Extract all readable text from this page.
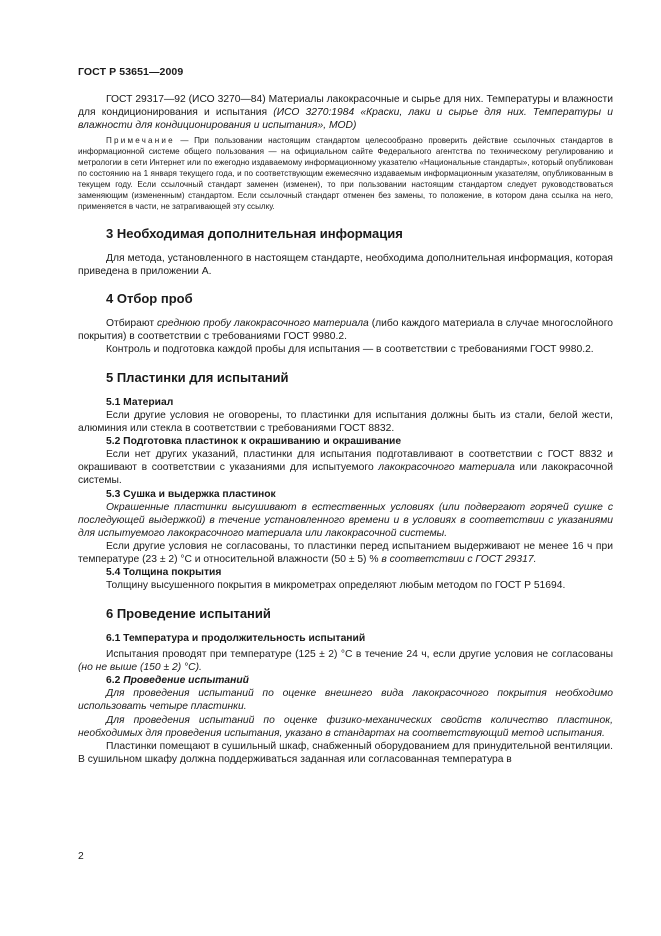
ГОСТ Р 53651—2009

ГОСТ 29317—92 (ИСО 3270—84) Материалы лакокрасочные и сырье для них. Температуры и влажности для кондиционирования и испытания (ИСО 3270:1984 «Краски, лаки и сырье для них. Температуры и влажности для кондиционирования и испытания», MOD)

Примечание — При пользовании настоящим стандартом целесообразно проверить действие ссылочных стандартов в информационной системе общего пользования — на официальном сайте Федерального агентства по техническому регулированию и метрологии в сети Интернет или по ежегодно издаваемому информационному указателю «Национальные стандарты», который опубликован по состоянию на 1 января текущего года, и по соответствующим ежемесячно издаваемым информационным указателям, опубликованным в текущем году. Если ссылочный стандарт заменен (изменен), то при пользовании настоящим стандартом следует руководствоваться заменяющим (измененным) стандартом. Если ссылочный стандарт отменен без замены, то положение, в котором дана ссылка на него, применяется в части, не затрагивающей эту ссылку.

3 Необходимая дополнительная информация

Для метода, установленного в настоящем стандарте, необходима дополнительная информация, которая приведена в приложении А.

4 Отбор проб

Отбирают среднюю пробу лакокрасочного материала (либо каждого материала в случае многослойного покрытия) в соответствии с требованиями ГОСТ 9980.2.

Контроль и подготовка каждой пробы для испытания — в соответствии с требованиями ГОСТ 9980.2.

5 Пластинки для испытаний
5.1 Материал

Если другие условия не оговорены, то пластинки для испытания должны быть из стали, белой жести, алюминия или стекла в соответствии с требованиями ГОСТ 8832.

5.2 Подготовка пластинок к окрашиванию и окрашивание

Если нет других указаний, пластинки для испытания подготавливают в соответствии с ГОСТ 8832 и окрашивают в соответствии с указаниями для испытуемого лакокрасочного материала или лакокрасочной системы.

5.3 Сушка и выдержка пластинок

Окрашенные пластинки высушивают в естественных условиях (или подвергают горячей сушке с последующей выдержкой) в течение установленного времени и в условиях в соответствии с указаниями для испытуемого лакокрасочного материала или лакокрасочной системы.

Если другие условия не согласованы, то пластинки перед испытанием выдерживают не менее 16 ч при температуре (23 ± 2) °С и относительной влажности (50 ± 5) % в соответствии с ГОСТ 29317.

5.4 Толщина покрытия

Толщину высушенного покрытия в микрометрах определяют любым методом по ГОСТ Р 51694.

6 Проведение испытаний
6.1 Температура и продолжительность испытаний

Испытания проводят при температуре (125 ± 2) °С в течение 24 ч, если другие условия не согласованы (но не выше (150 ± 2) °С).

6.2 Проведение испытаний

Для проведения испытаний по оценке внешнего вида лакокрасочного покрытия необходимо использовать четыре пластинки.

Для проведения испытаний по оценке физико-механических свойств количество пластинок, необходимых для проведения испытания, указано в стандартах на соответствующий метод испытания.

Пластинки помещают в сушильный шкаф, снабженный оборудованием для принудительной вентиляции. В сушильном шкафу должна поддерживаться заданная или согласованная температура в

2
